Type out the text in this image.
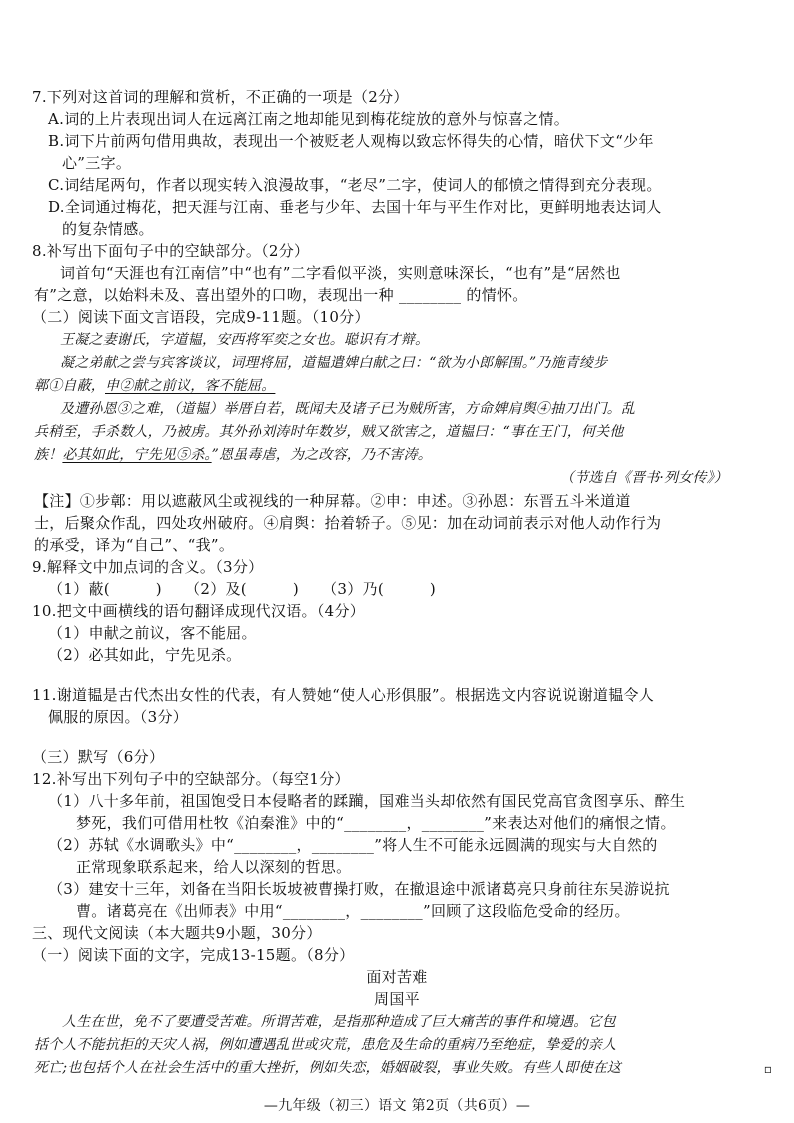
7.下列对这首词的理解和赏析，不正确的一项是（2分）
A.词的上片表现出词人在远离江南之地却能见到梅花绽放的意外与惊喜之情。
B.词下片前两句借用典故，表现出一个被贬老人观梅以致忘怀得失的心情，暗伏下文“少年
心”三字。
C.词结尾两句，作者以现实转入浪漫故事，“老尽”二字，使词人的郁愤之情得到充分表现。
D.全词通过梅花，把天涯与江南、垂老与少年、去国十年与平生作对比，更鲜明地表达词人
的复杂情感。
8.补写出下面句子中的空缺部分。（2分）
词首句“天涯也有江南信”中“也有”二字看似平淡，实则意味深长，“也有”是“居然也
有”之意，以始料未及、喜出望外的口吻，表现出一种 ________ 的情怀。
（二）阅读下面文言语段，完成9-11题。（10分）
王凝之妻谢氏，字道韫，安西将军奕之女也。聪识有才辩。
凝之弟献之尝与宾客谈议，词理将屈，道韫遣婢白献之曰：“欲为小郎解围。”乃施青绫步
鄣①自蔽，申②献之前议，客不能屈。
及遭孙恩③之难，（道韫）举厝自若，既闻夫及诸子已为贼所害，方命婢肩舆④抽刀出门。乱
兵稍至，手杀数人，乃被虏。其外孙刘涛时年数岁，贼又欲害之，道韫曰：“事在王门，何关他
族！必其如此，宁先见⑤杀。”恩虽毒虐，为之改容，乃不害涛。
（节选自《晋书·列女传》）
【注】①步鄣：用以遮蔽风尘或视线的一种屏幕。②申：申述。③孙恩：东晋五斗米道道
士，后聚众作乱，四处攻州破府。④肩舆：抬着轿子。⑤见：加在动词前表示对他人动作行为
的承受，译为“自己”、“我”。
9.解释文中加点词的含义。（3分）
（1）蔽(　　　)　　（2）及(　　　)　　（3）乃(　　　)
10.把文中画横线的语句翻译成现代汉语。（4分）
（1）申献之前议，客不能屈。
（2）必其如此，宁先见杀。
11.谢道韫是古代杰出女性的代表，有人赞她“使人心形俱服”。根据选文内容说说谢道韫令人
佩服的原因。（3分）
（三）默写（6分）
12.补写出下列句子中的空缺部分。（每空1分）
（1）八十多年前，祖国饱受日本侵略者的蹂躏，国难当头却依然有国民党高官贪图享乐、醉生
梦死，我们可借用杜牧《泊秦淮》中的“________，________”来表达对他们的痛恨之情。
（2）苏轼《水调歌头》中“________，________”将人生不可能永远圆满的现实与大自然的
正常现象联系起来，给人以深刻的哲思。
（3）建安十三年，刘备在当阳长坂坡被曹操打败，在撤退途中派诸葛亮只身前往东吴游说抗
曹。诸葛亮在《出师表》中用“________，________”回顾了这段临危受命的经历。
三、现代文阅读（本大题共9小题，30分）
（一）阅读下面的文字，完成13-15题。（8分）
面对苦难
周国平
人生在世，免不了要遭受苦难。所谓苦难，是指那种造成了巨大痛苦的事件和境遇。它包
括个人不能抗拒的天灾人祸，例如遭遇乱世或灾荒，患危及生命的重病乃至绝症，挚爱的亲人
死亡;也包括个人在社会生活中的重大挫折，例如失恋，婚姻破裂，事业失败。有些人即使在这
—九年级（初三）语文 第2页（共6页）—
▫
